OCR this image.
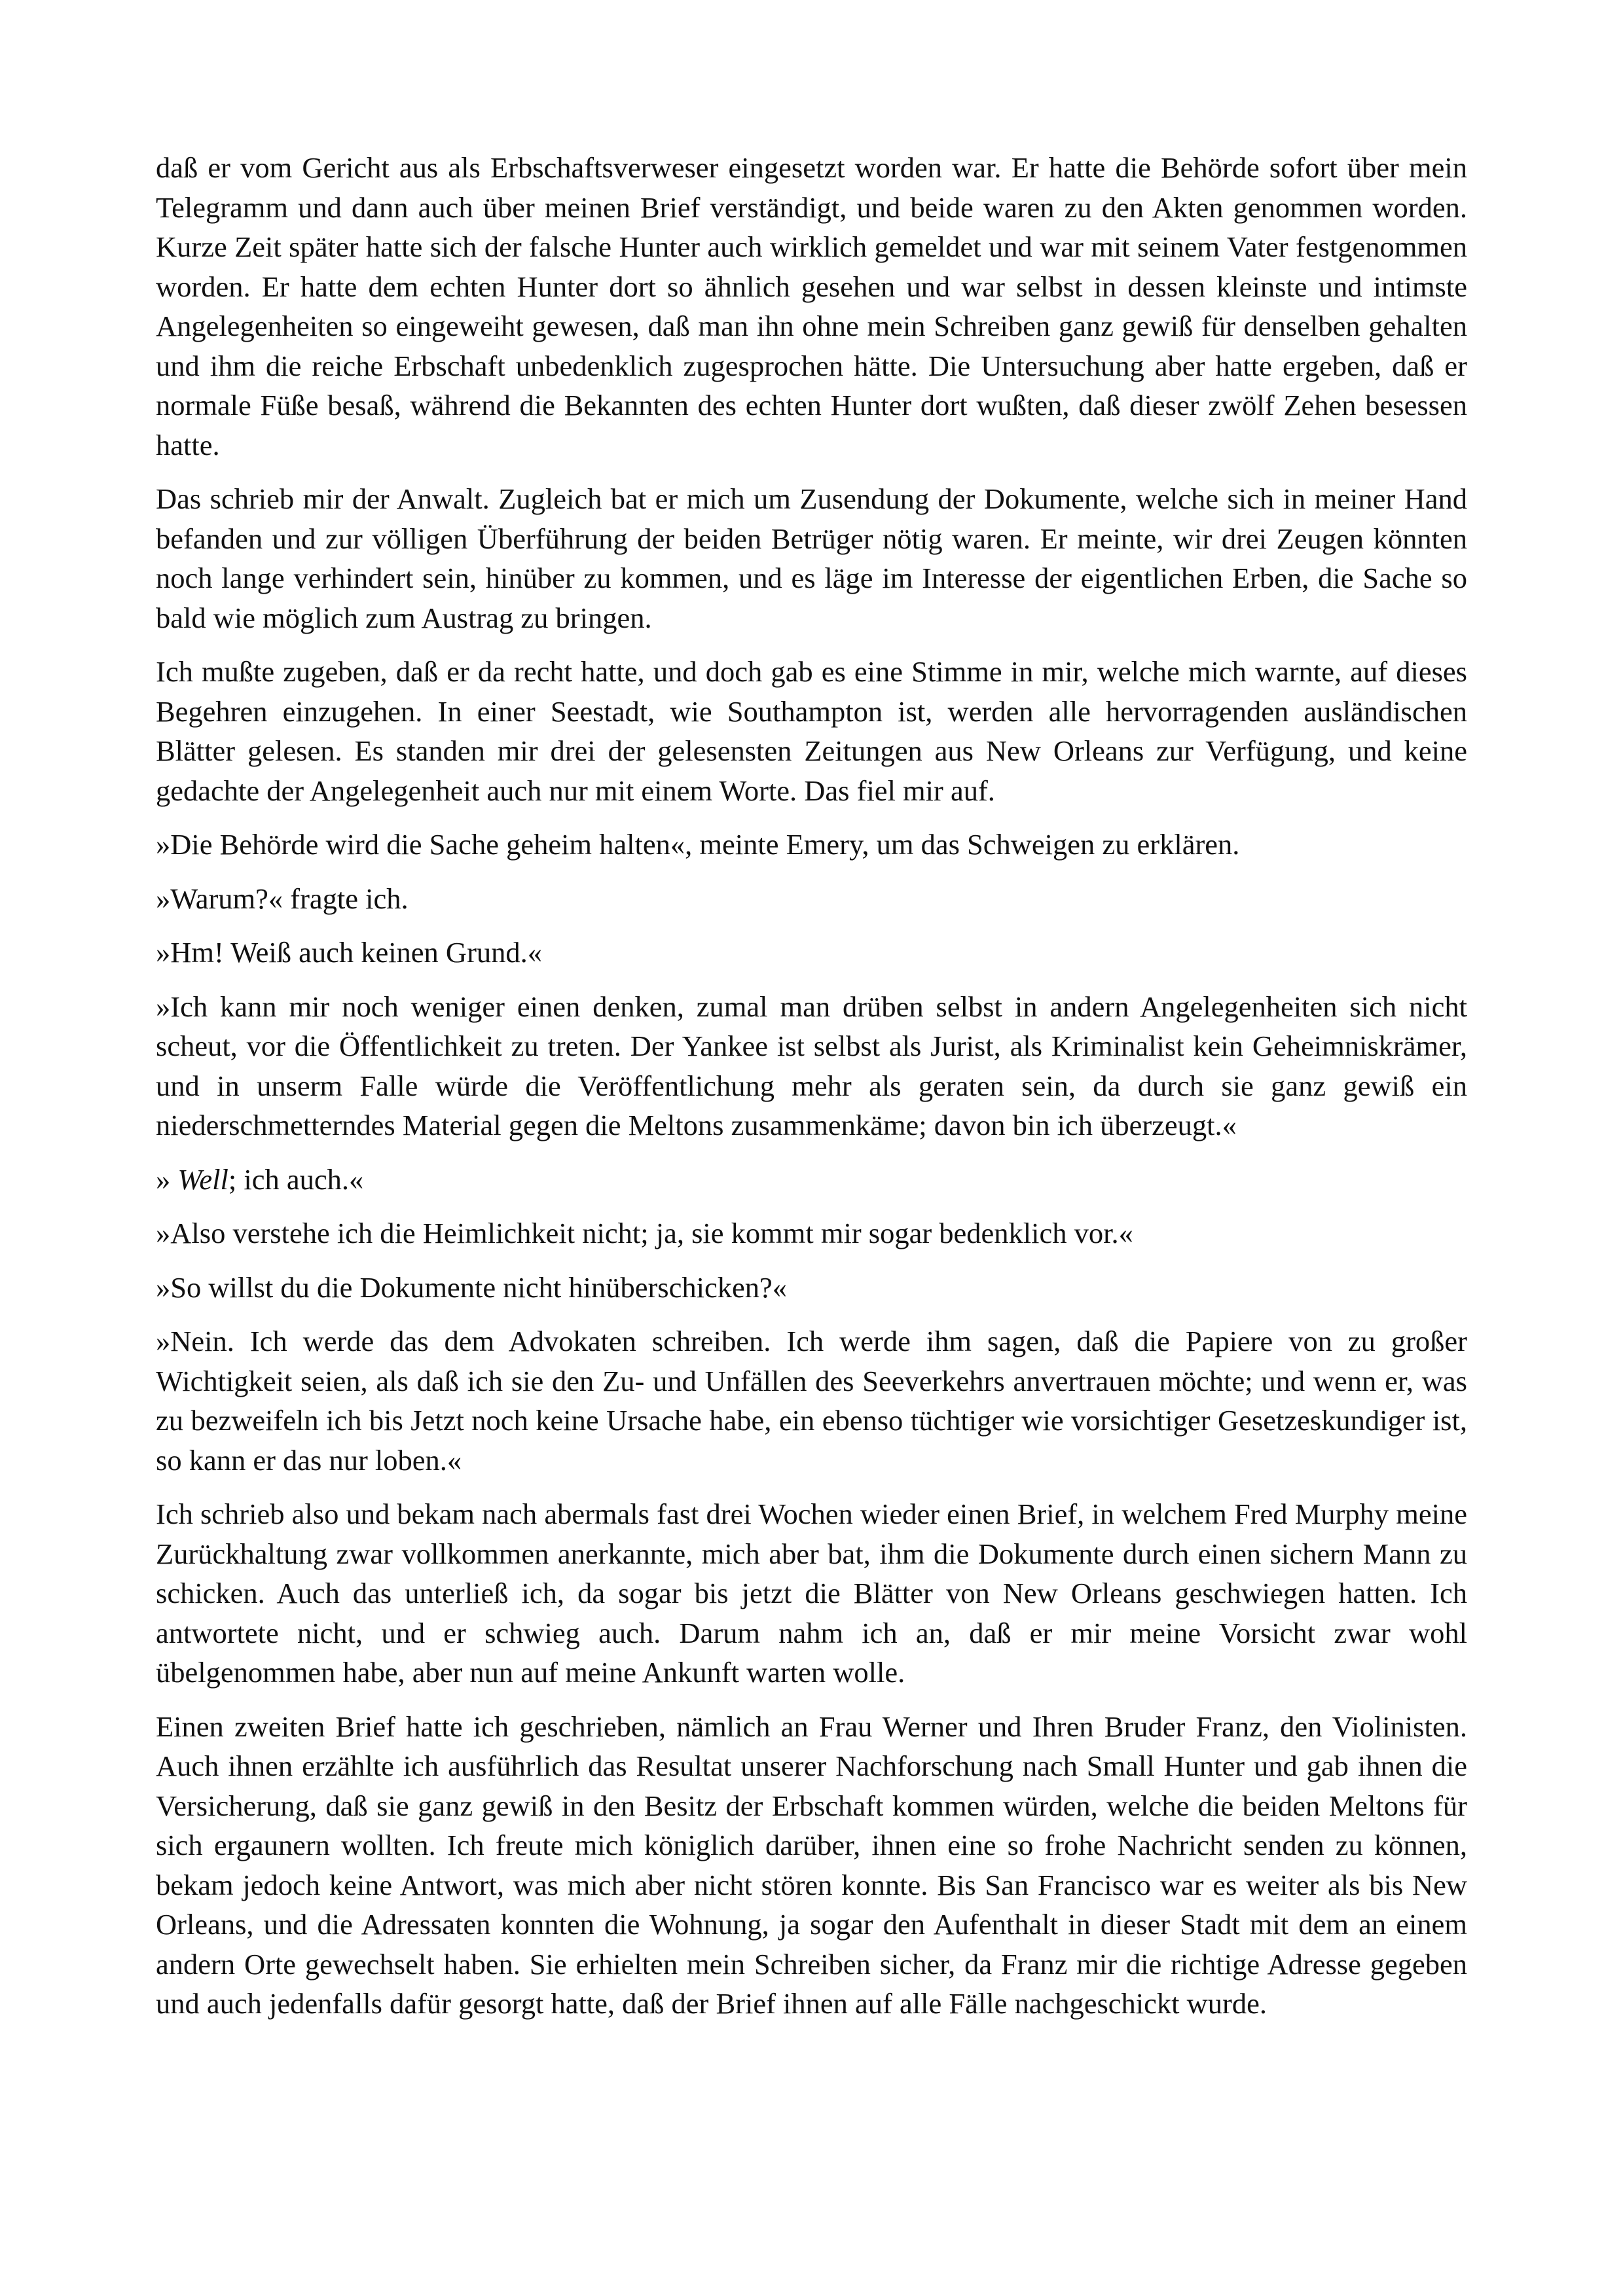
daß er vom Gericht aus als Erbschaftsverweser eingesetzt worden war. Er hatte die Behörde sofort über mein Telegramm und dann auch über meinen Brief verständigt, und beide waren zu den Akten genommen worden. Kurze Zeit später hatte sich der falsche Hunter auch wirklich gemeldet und war mit seinem Vater festgenommen worden. Er hatte dem echten Hunter dort so ähnlich gesehen und war selbst in dessen kleinste und intimste Angelegenheiten so eingeweiht gewesen, daß man ihn ohne mein Schreiben ganz gewiß für denselben gehalten und ihm die reiche Erbschaft unbedenklich zugesprochen hätte. Die Untersuchung aber hatte ergeben, daß er normale Füße besaß, während die Bekannten des echten Hunter dort wußten, daß dieser zwölf Zehen besessen hatte.

Das schrieb mir der Anwalt. Zugleich bat er mich um Zusendung der Dokumente, welche sich in meiner Hand befanden und zur völligen Überführung der beiden Betrüger nötig waren. Er meinte, wir drei Zeugen könnten noch lange verhindert sein, hinüber zu kommen, und es läge im Interesse der eigentlichen Erben, die Sache so bald wie möglich zum Austrag zu bringen.

Ich mußte zugeben, daß er da recht hatte, und doch gab es eine Stimme in mir, welche mich warnte, auf dieses Begehren einzugehen. In einer Seestadt, wie Southampton ist, werden alle hervorragenden ausländischen Blätter gelesen. Es standen mir drei der gelesensten Zeitungen aus New Orleans zur Verfügung, und keine gedachte der Angelegenheit auch nur mit einem Worte. Das fiel mir auf.

»Die Behörde wird die Sache geheim halten«, meinte Emery, um das Schweigen zu erklären.

»Warum?« fragte ich.

»Hm! Weiß auch keinen Grund.«

»Ich kann mir noch weniger einen denken, zumal man drüben selbst in andern Angelegenheiten sich nicht scheut, vor die Öffentlichkeit zu treten. Der Yankee ist selbst als Jurist, als Kriminalist kein Geheimniskrämer, und in unserm Falle würde die Veröffentlichung mehr als geraten sein, da durch sie ganz gewiß ein niederschmetterndes Material gegen die Meltons zusammenkäme; davon bin ich überzeugt.«

» Well; ich auch.«

»Also verstehe ich die Heimlichkeit nicht; ja, sie kommt mir sogar bedenklich vor.«

»So willst du die Dokumente nicht hinüberschicken?«

»Nein. Ich werde das dem Advokaten schreiben. Ich werde ihm sagen, daß die Papiere von zu großer Wichtigkeit seien, als daß ich sie den Zu- und Unfällen des Seeverkehrs anvertrauen möchte; und wenn er, was zu bezweifeln ich bis Jetzt noch keine Ursache habe, ein ebenso tüchtiger wie vorsichtiger Gesetzeskundiger ist, so kann er das nur loben.«

Ich schrieb also und bekam nach abermals fast drei Wochen wieder einen Brief, in welchem Fred Murphy meine Zurückhaltung zwar vollkommen anerkannte, mich aber bat, ihm die Dokumente durch einen sichern Mann zu schicken. Auch das unterließ ich, da sogar bis jetzt die Blätter von New Orleans geschwiegen hatten. Ich antwortete nicht, und er schwieg auch. Darum nahm ich an, daß er mir meine Vorsicht zwar wohl übelgenommen habe, aber nun auf meine Ankunft warten wolle.

Einen zweiten Brief hatte ich geschrieben, nämlich an Frau Werner und Ihren Bruder Franz, den Violinisten. Auch ihnen erzählte ich ausführlich das Resultat unserer Nachforschung nach Small Hunter und gab ihnen die Versicherung, daß sie ganz gewiß in den Besitz der Erbschaft kommen würden, welche die beiden Meltons für sich ergaunern wollten. Ich freute mich königlich darüber, ihnen eine so frohe Nachricht senden zu können, bekam jedoch keine Antwort, was mich aber nicht stören konnte. Bis San Francisco war es weiter als bis New Orleans, und die Adressaten konnten die Wohnung, ja sogar den Aufenthalt in dieser Stadt mit dem an einem andern Orte gewechselt haben. Sie erhielten mein Schreiben sicher, da Franz mir die richtige Adresse gegeben und auch jedenfalls dafür gesorgt hatte, daß der Brief ihnen auf alle Fälle nachgeschickt wurde.
